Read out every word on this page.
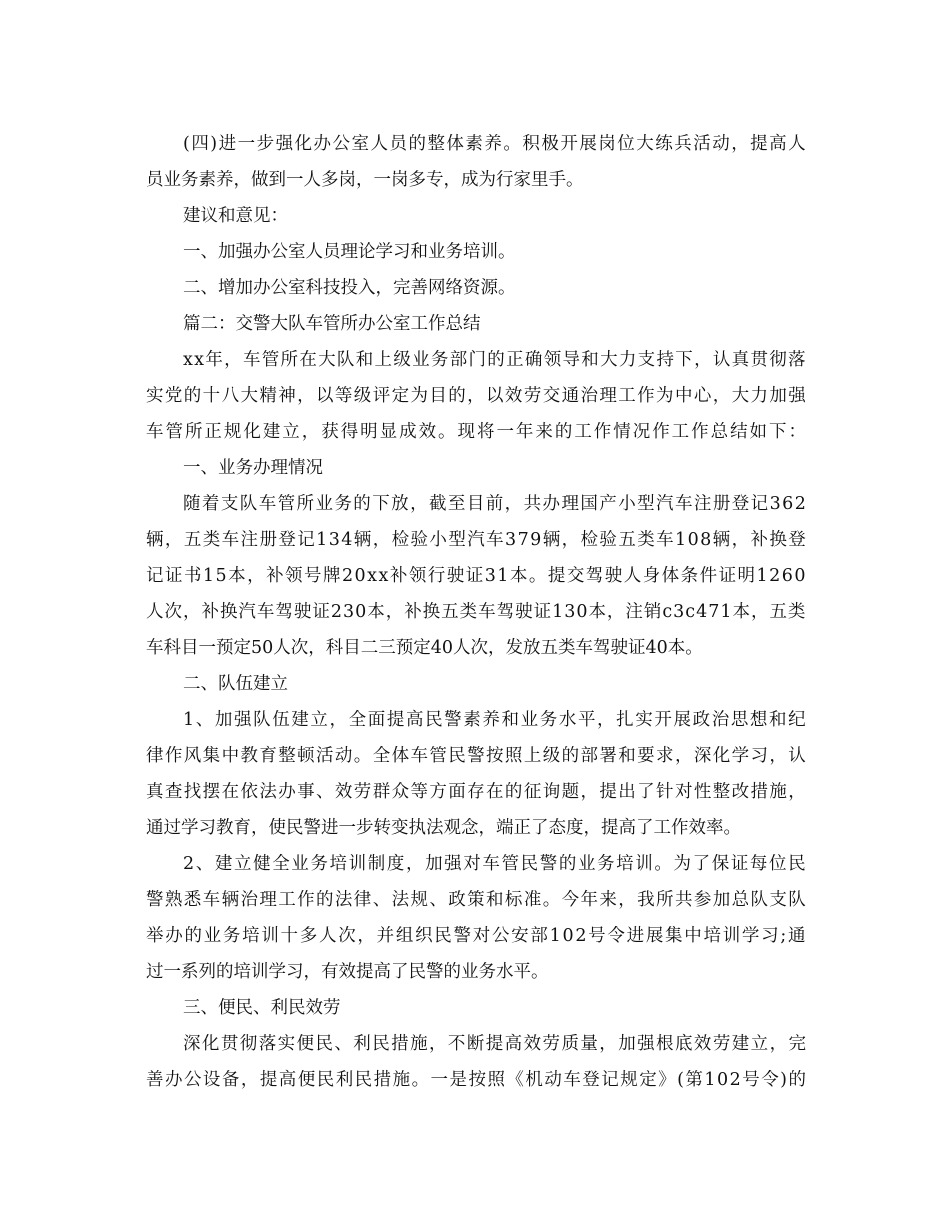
( 四 ) 进 一 步 强 化 办 公 室 人 员 的 整 体 素 养 。 积 极 开 展 岗 位 大 练 兵 活 动 ， 提 高 人
员业务素养，做到一人多岗，一岗多专，成为行家里手。
建议和意见：
一、加强办公室人员理论学习和业务培训。
二、增加办公室科技投入，完善网络资源。
篇二：交警大队车管所办公室工作总结
x x 年 ， 车 管 所 在 大 队 和 上 级 业 务 部 门 的 正 确 领 导 和 大 力 支 持 下 ， 认 真 贯 彻 落
实 党 的 十 八 大 精 神 ， 以 等 级 评 定 为 目 的 ， 以 效 劳 交 通 治 理 工 作 为 中 心 ， 大 力 加 强
车 管 所 正 规 化 建 立 ， 获 得 明 显 成 效 。 现 将 一 年 来 的 工 作 情 况 作 工 作 总 结 如 下 ：
一、业务办理情况
随 着 支 队 车 管 所 业 务 的 下 放 ， 截 至 目 前 ， 共 办 理 国 产 小 型 汽 车 注 册 登 记 3 6 2
辆 ， 五 类 车 注 册 登 记 1 3 4 辆 ， 检 验 小 型 汽 车 3 7 9 辆 ， 检 验 五 类 车 1 0 8 辆 ， 补 换 登
记 证 书 1 5 本 ， 补 领 号 牌 2 0 x x 补 领 行 驶 证 3 1 本 。 提 交 驾 驶 人 身 体 条 件 证 明 1 2 6 0
人 次 ， 补 换 汽 车 驾 驶 证 2 3 0 本 ， 补 换 五 类 车 驾 驶 证 1 3 0 本 ， 注 销 c 3 c 4 7 1 本 ， 五 类
车科目一预定50人次，科目二三预定40人次，发放五类车驾驶证40本。
二、队伍建立
1 、 加 强 队 伍 建 立 ， 全 面 提 高 民 警 素 养 和 业 务 水 平 ， 扎 实 开 展 政 治 思 想 和 纪
律 作 风 集 中 教 育 整 顿 活 动 。 全 体 车 管 民 警 按 照 上 级 的 部 署 和 要 求 ， 深 化 学 习 ， 认
真 查 找 摆 在 依 法 办 事 、 效 劳 群 众 等 方 面 存 在 的 征 询 题 ， 提 出 了 针 对 性 整 改 措 施 ，
通过学习教育，使民警进一步转变执法观念，端正了态度，提高了工作效率。
2 、 建 立 健 全 业 务 培 训 制 度 ， 加 强 对 车 管 民 警 的 业 务 培 训 。 为 了 保 证 每 位 民
警 熟 悉 车 辆 治 理 工 作 的 法 律 、 法 规 、 政 策 和 标 准 。 今 年 来 ， 我 所 共 参 加 总 队 支 队
举 办 的 业 务 培 训 十 多 人 次 ， 并 组 织 民 警 对 公 安 部 1 0 2 号 令 进 展 集 中 培 训 学 习 ; 通
过一系列的培训学习，有效提高了民警的业务水平。
三、便民、利民效劳
深 化 贯 彻 落 实 便 民 、 利 民 措 施 ， 不 断 提 高 效 劳 质 量 ， 加 强 根 底 效 劳 建 立 ， 完
善 办 公 设 备 ， 提 高 便 民 利 民 措 施 。 一 是 按 照 《 机 动 车 登 记 规 定 》 ( 第 1 0 2 号 令 ) 的
